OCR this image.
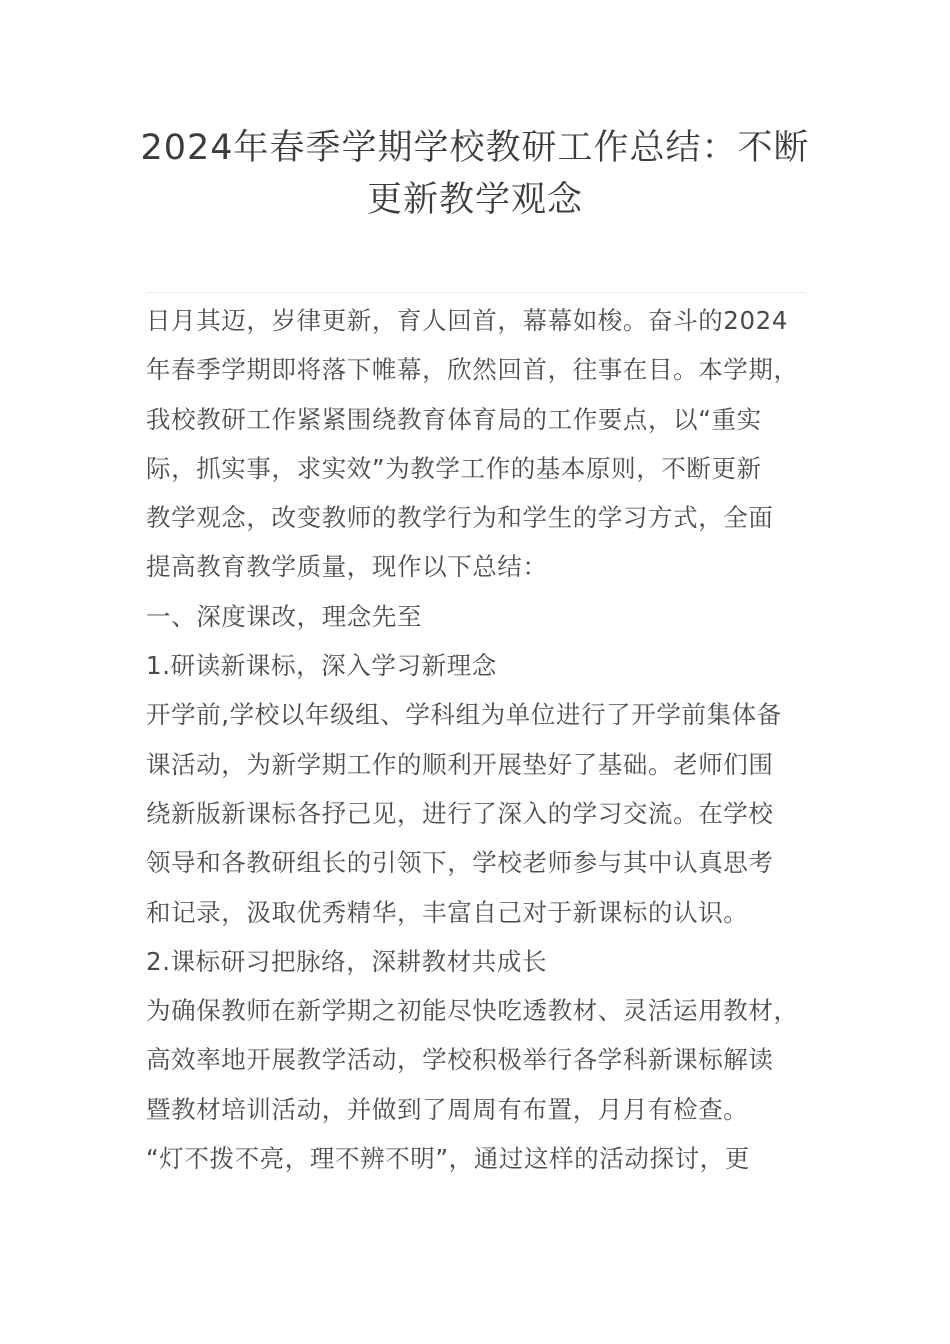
2024年春季学期学校教研工作总结：不断
更新教学观念
日月其迈，岁律更新，育人回首，幕幕如梭。奋斗的2024
年春季学期即将落下帷幕，欣然回首，往事在目。本学期，
我校教研工作紧紧围绕教育体育局的工作要点，以“重实
际，抓实事，求实效”为教学工作的基本原则，不断更新
教学观念，改变教师的教学行为和学生的学习方式，全面
提高教育教学质量，现作以下总结：
一、深度课改，理念先至
1.研读新课标，深入学习新理念
开学前,学校以年级组、学科组为单位进行了开学前集体备
课活动，为新学期工作的顺利开展垫好了基础。老师们围
绕新版新课标各抒己见，进行了深入的学习交流。在学校
领导和各教研组长的引领下，学校老师参与其中认真思考
和记录，汲取优秀精华，丰富自己对于新课标的认识。
2.课标研习把脉络，深耕教材共成长
为确保教师在新学期之初能尽快吃透教材、灵活运用教材，
高效率地开展教学活动，学校积极举行各学科新课标解读
暨教材培训活动，并做到了周周有布置，月月有检查。
“灯不拨不亮，理不辨不明”，通过这样的活动探讨，更
